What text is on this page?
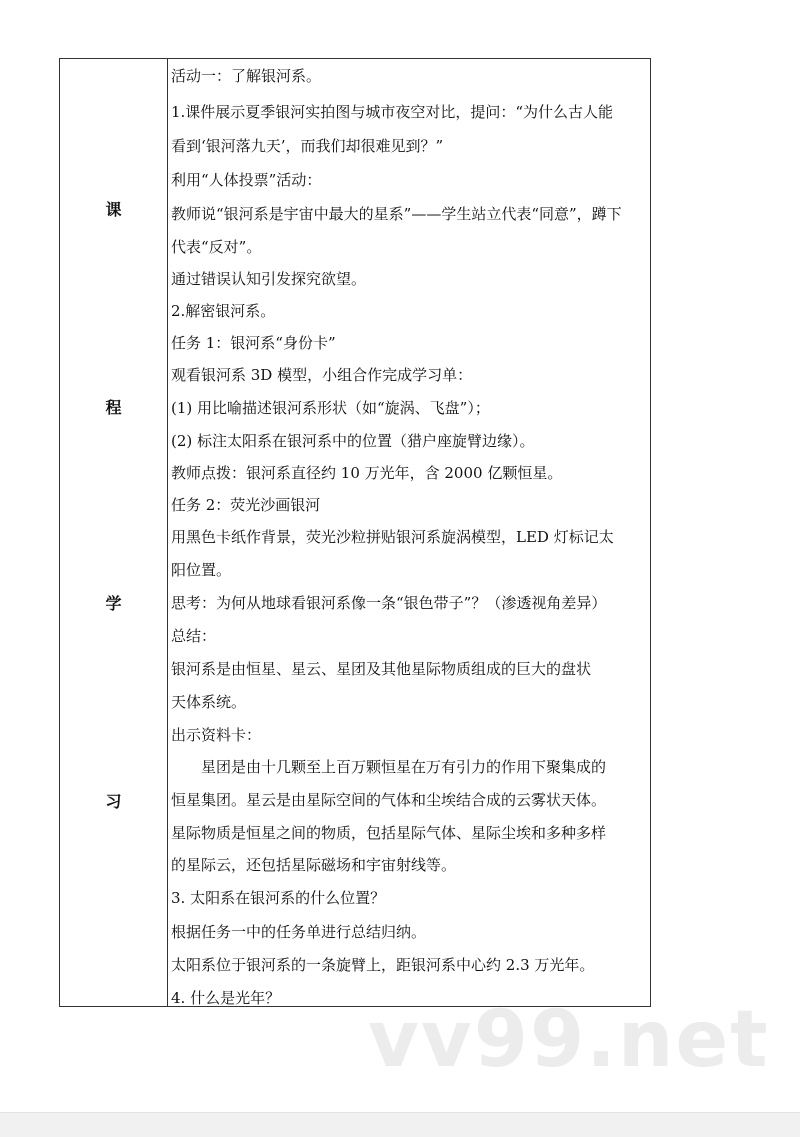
课
程
学
习
活动一：了解银河系。
1.课件展示夏季银河实拍图与城市夜空对比，提问：“为什么古人能
看到‘银河落九天’，而我们却很难见到？”
利用“人体投票”活动：
教师说“银河系是宇宙中最大的星系”——学生站立代表“同意”，蹲下
代表“反对”。
通过错误认知引发探究欲望。
2.解密银河系。
任务 1：银河系“身份卡”
观看银河系 3D 模型，小组合作完成学习单：
(1) 用比喻描述银河系形状（如“旋涡、飞盘”）；
(2) 标注太阳系在银河系中的位置（猎户座旋臂边缘）。
教师点拨：银河系直径约 10 万光年，含 2000 亿颗恒星。
任务 2：荧光沙画银河
用黑色卡纸作背景，荧光沙粒拼贴银河系旋涡模型，LED 灯标记太
阳位置。
思考：为何从地球看银河系像一条“银色带子”？（渗透视角差异）
总结：
银河系是由恒星、星云、星团及其他星际物质组成的巨大的盘状
天体系统。
出示资料卡：
　　星团是由十几颗至上百万颗恒星在万有引力的作用下聚集成的
恒星集团。星云是由星际空间的气体和尘埃结合成的云雾状天体。
星际物质是恒星之间的物质，包括星际气体、星际尘埃和多种多样
的星际云，还包括星际磁场和宇宙射线等。
3. 太阳系在银河系的什么位置？
根据任务一中的任务单进行总结归纳。
太阳系位于银河系的一条旋臂上，距银河系中心约 2.3 万光年。
4. 什么是光年？ vv99.net
